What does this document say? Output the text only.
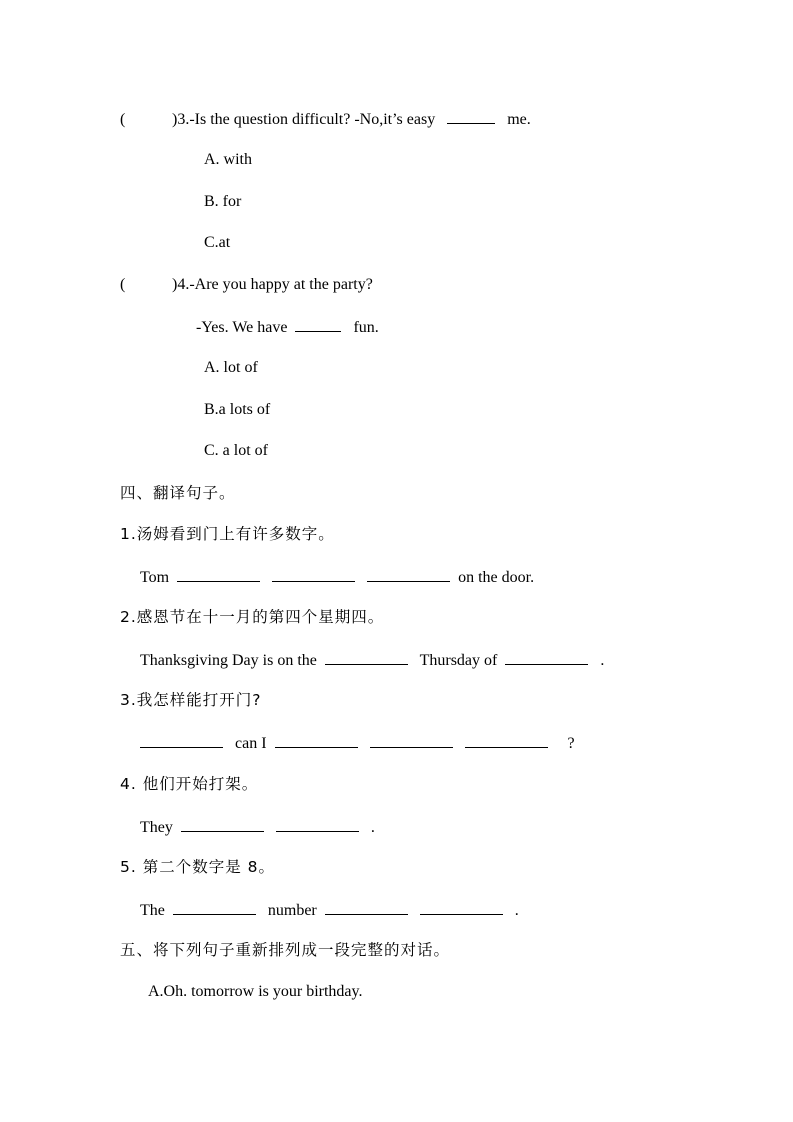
(	)3.-Is the question difficult? -No,it’s easy	me.
A. with
B. for
C.at
(	)4.-Are you happy at the party?
-Yes. We have	fun.
A. lot of
B.a lots of
C. a lot of
四、翻译句子。
1.汤姆看到门上有许多数字。
Tom	on the door.
2.感恩节在十一月的第四个星期四。
Thanksgiving Day is on the	Thursday of	.
3.我怎样能打开门?
can I	?
4. 他们开始打架。
They	.
5. 第二个数字是 8。
The	number	.
五、将下列句子重新排列成一段完整的对话。
A.Oh. tomorrow is your birthday.
